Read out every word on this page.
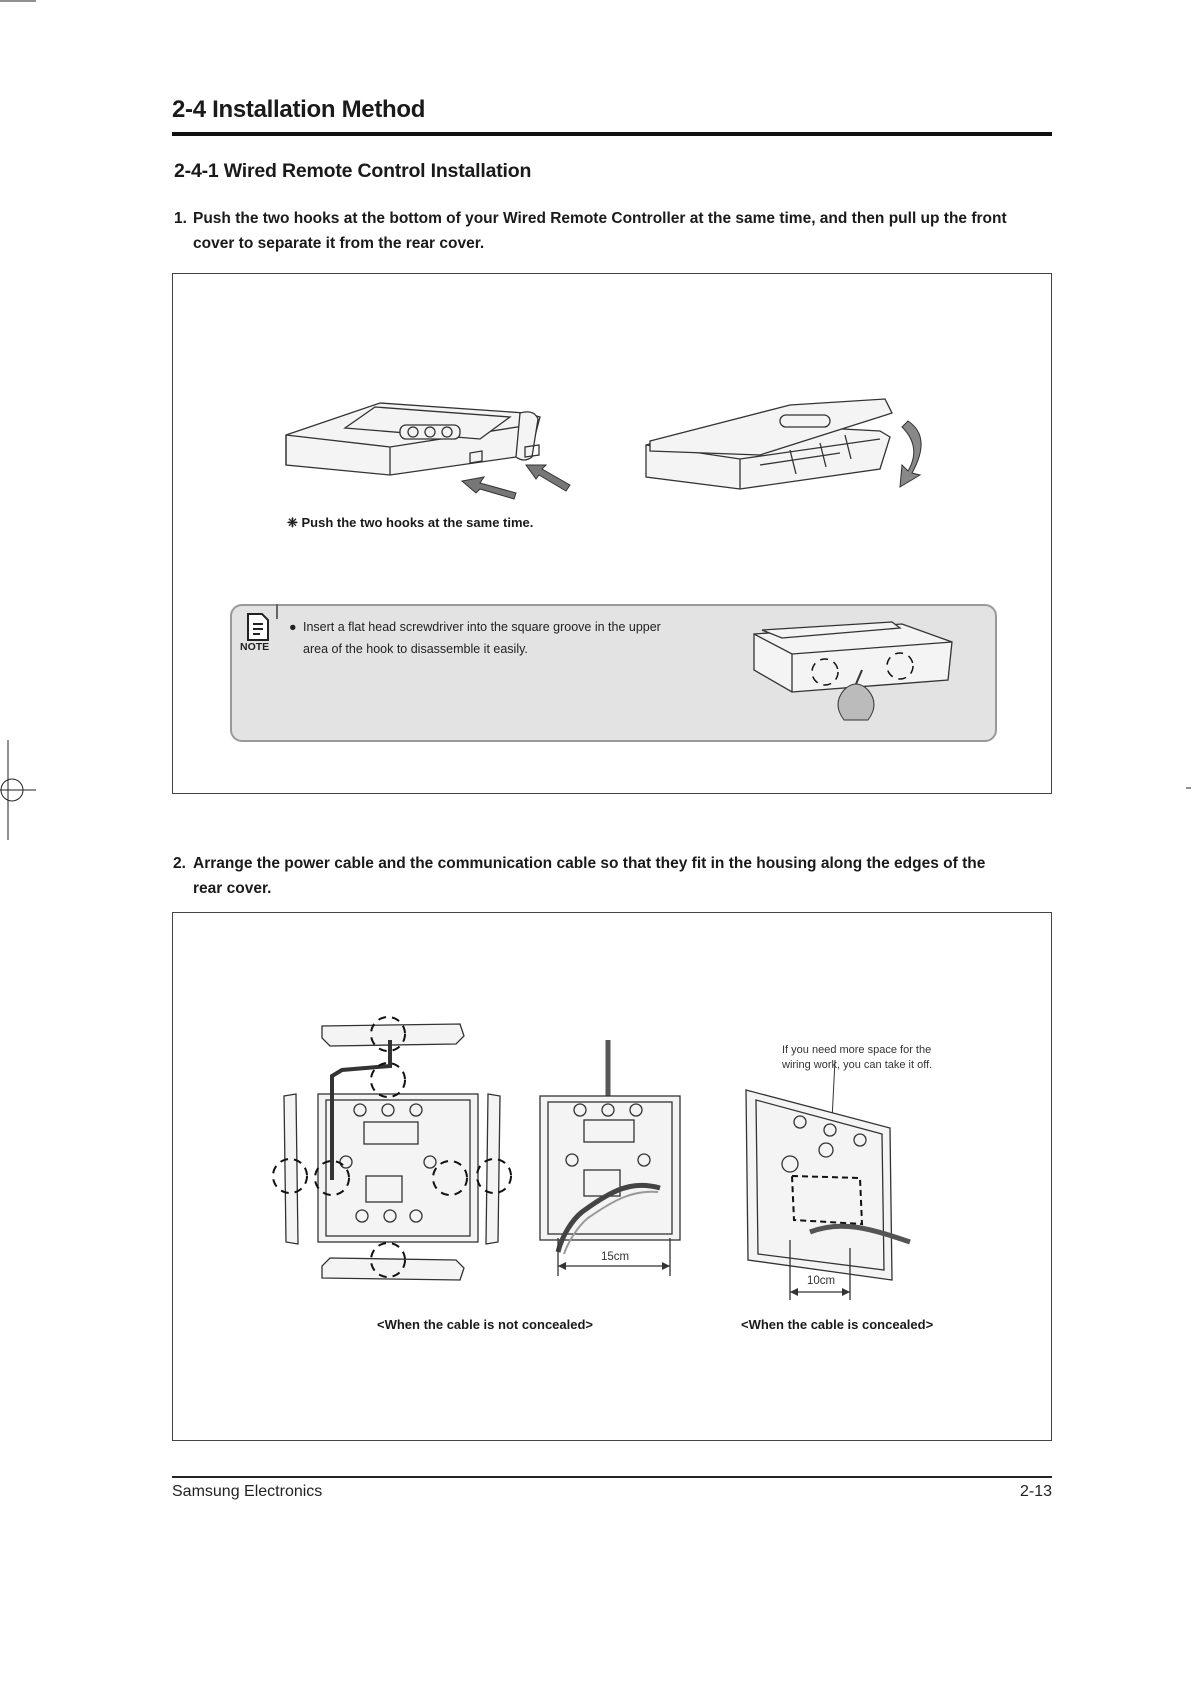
2-4 Installation Method
2-4-1 Wired Remote Control Installation
1. Push the two hooks at the bottom of your Wired Remote Controller at the same time, and then pull up the front
cover to separate it from the rear cover.
❈ Push the two hooks at the same time.
NOTE
● Insert a flat head screwdriver into the square groove in the upper
area of the hook to disassemble it easily.
2. Arrange the power cable and the communication cable so that they fit in the housing along the edges of the
rear cover.
15cm
10cm
If you need more space for the
wiring work, you can take it off.
<When the cable is not concealed>	<When the cable is concealed>
Samsung Electronics	2-13
